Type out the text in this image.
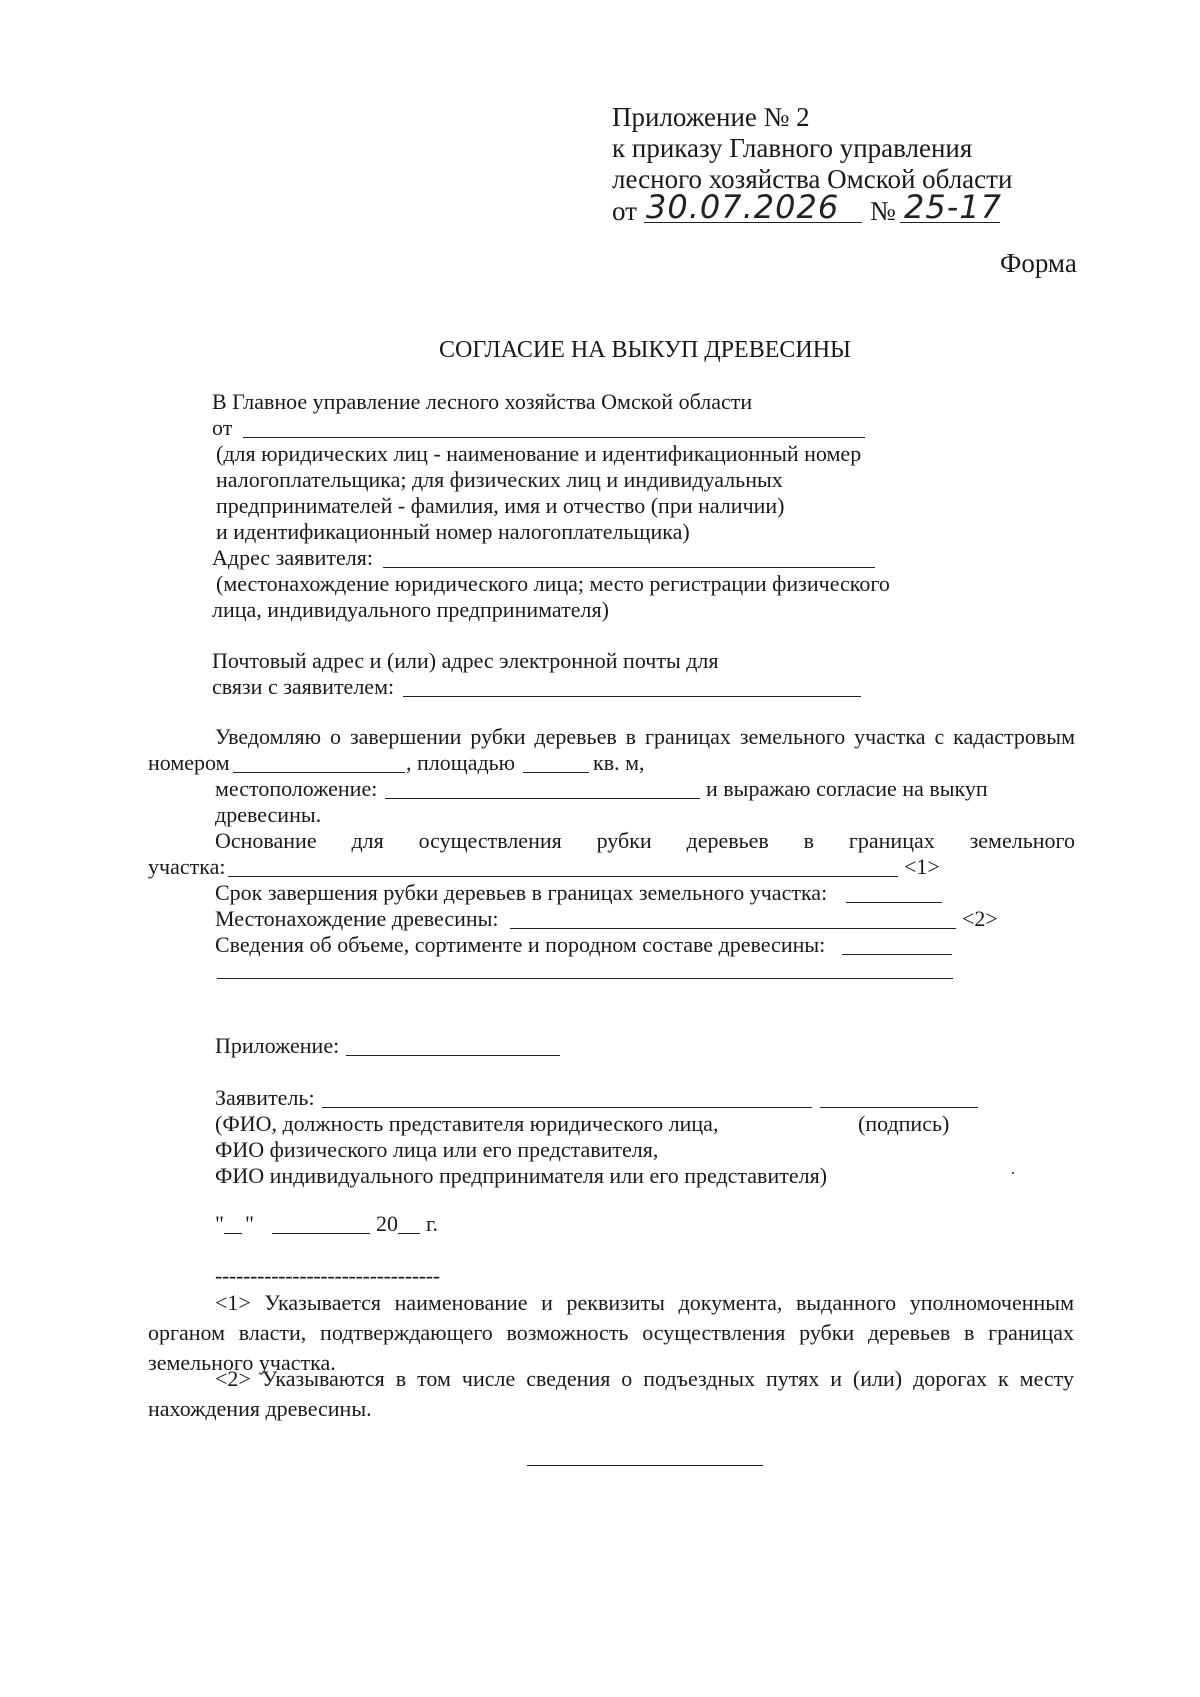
Приложение № 2
к приказу Главного управления
лесного хозяйства Омской области
от 30.07.2026 № 25-17
Форма
СОГЛАСИЕ НА ВЫКУП ДРЕВЕСИНЫ
В Главное управление лесного хозяйства Омской области
от
(для юридических лиц - наименование и идентификационный номер
налогоплательщика; для физических лиц и индивидуальных
предпринимателей - фамилия, имя и отчество (при наличии)
и идентификационный номер налогоплательщика)
Адрес заявителя:
(местонахождение юридического лица; место регистрации физического
лица, индивидуального предпринимателя)
Почтовый адрес и (или) адрес электронной почты для
связи с заявителем:
Уведомляю о завершении рубки деревьев в границах земельного участка с кадастровым
номером	, площадью	кв. м,
местоположение:	и выражаю согласие на выкуп
древесины.
Основание для осуществления рубки деревьев в границах земельного
участка:	<1>
Срок завершения рубки деревьев в границах земельного участка:
Местонахождение древесины:	<2>
Сведения об объеме, сортименте и породном составе древесины:
Приложение:
Заявитель:
(ФИО, должность представителя юридического лица,	(подпись)
ФИО физического лица или его представителя,
ФИО индивидуального предпринимателя или его представителя)
" "	20 г.
--------------------------------
<1> Указывается наименование и реквизиты документа, выданного уполномоченным органом власти, подтверждающего возможность осуществления рубки деревьев в границах земельного участка.
<2> Указываются в том числе сведения о подъездных путях и (или) дорогах к месту нахождения древесины.
